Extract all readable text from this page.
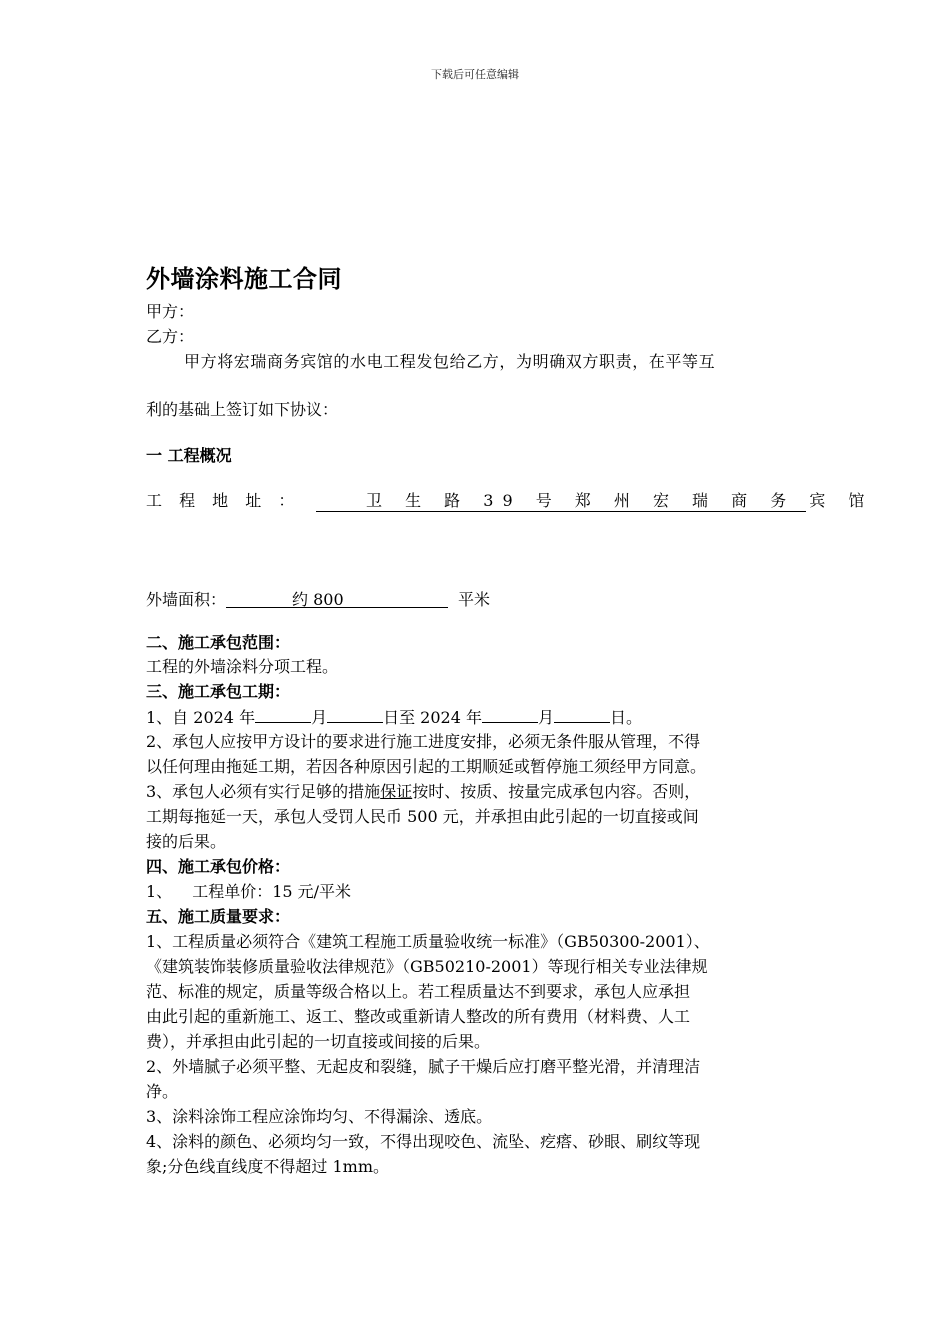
下载后可任意编辑
外墙涂料施工合同
甲方：
乙方：
甲方将宏瑞商务宾馆的水电工程发包给乙方，为明确双方职责，在平等互
利的基础上签订如下协议：
一 工程概况
工 程 地 址 ：	卫 生 路 39 号 郑 州 宏 瑞 商 务 宾 馆
外墙面积：	约 800	平米
二、施工承包范围：
工程的外墙涂料分项工程。
三、施工承包工期：
1、自 2024 年	月	日至 2024 年	月	日。
2、承包人应按甲方设计的要求进行施工进度安排，必须无条件服从管理，不得
以任何理由拖延工期，若因各种原因引起的工期顺延或暂停施工须经甲方同意。
3、承包人必须有实行足够的措施保证按时、按质、按量完成承包内容。否则，
工期每拖延一天，承包人受罚人民币 500 元，并承担由此引起的一切直接或间
接的后果。
四、施工承包价格：
1、 工程单价：15 元/平米
五、施工质量要求：
1、工程质量必须符合《建筑工程施工质量验收统一标准》（GB50300-2001）、
《建筑装饰装修质量验收法律规范》（GB50210-2001）等现行相关专业法律规
范、标准的规定，质量等级合格以上。若工程质量达不到要求，承包人应承担
由此引起的重新施工、返工、整改或重新请人整改的所有费用（材料费、人工
费），并承担由此引起的一切直接或间接的后果。
2、外墙腻子必须平整、无起皮和裂缝，腻子干燥后应打磨平整光滑，并清理洁
净。
3、涂料涂饰工程应涂饰均匀、不得漏涂、透底。
4、涂料的颜色、必须均匀一致，不得出现咬色、流坠、疙瘩、砂眼、刷纹等现
象;分色线直线度不得超过 1mm。
